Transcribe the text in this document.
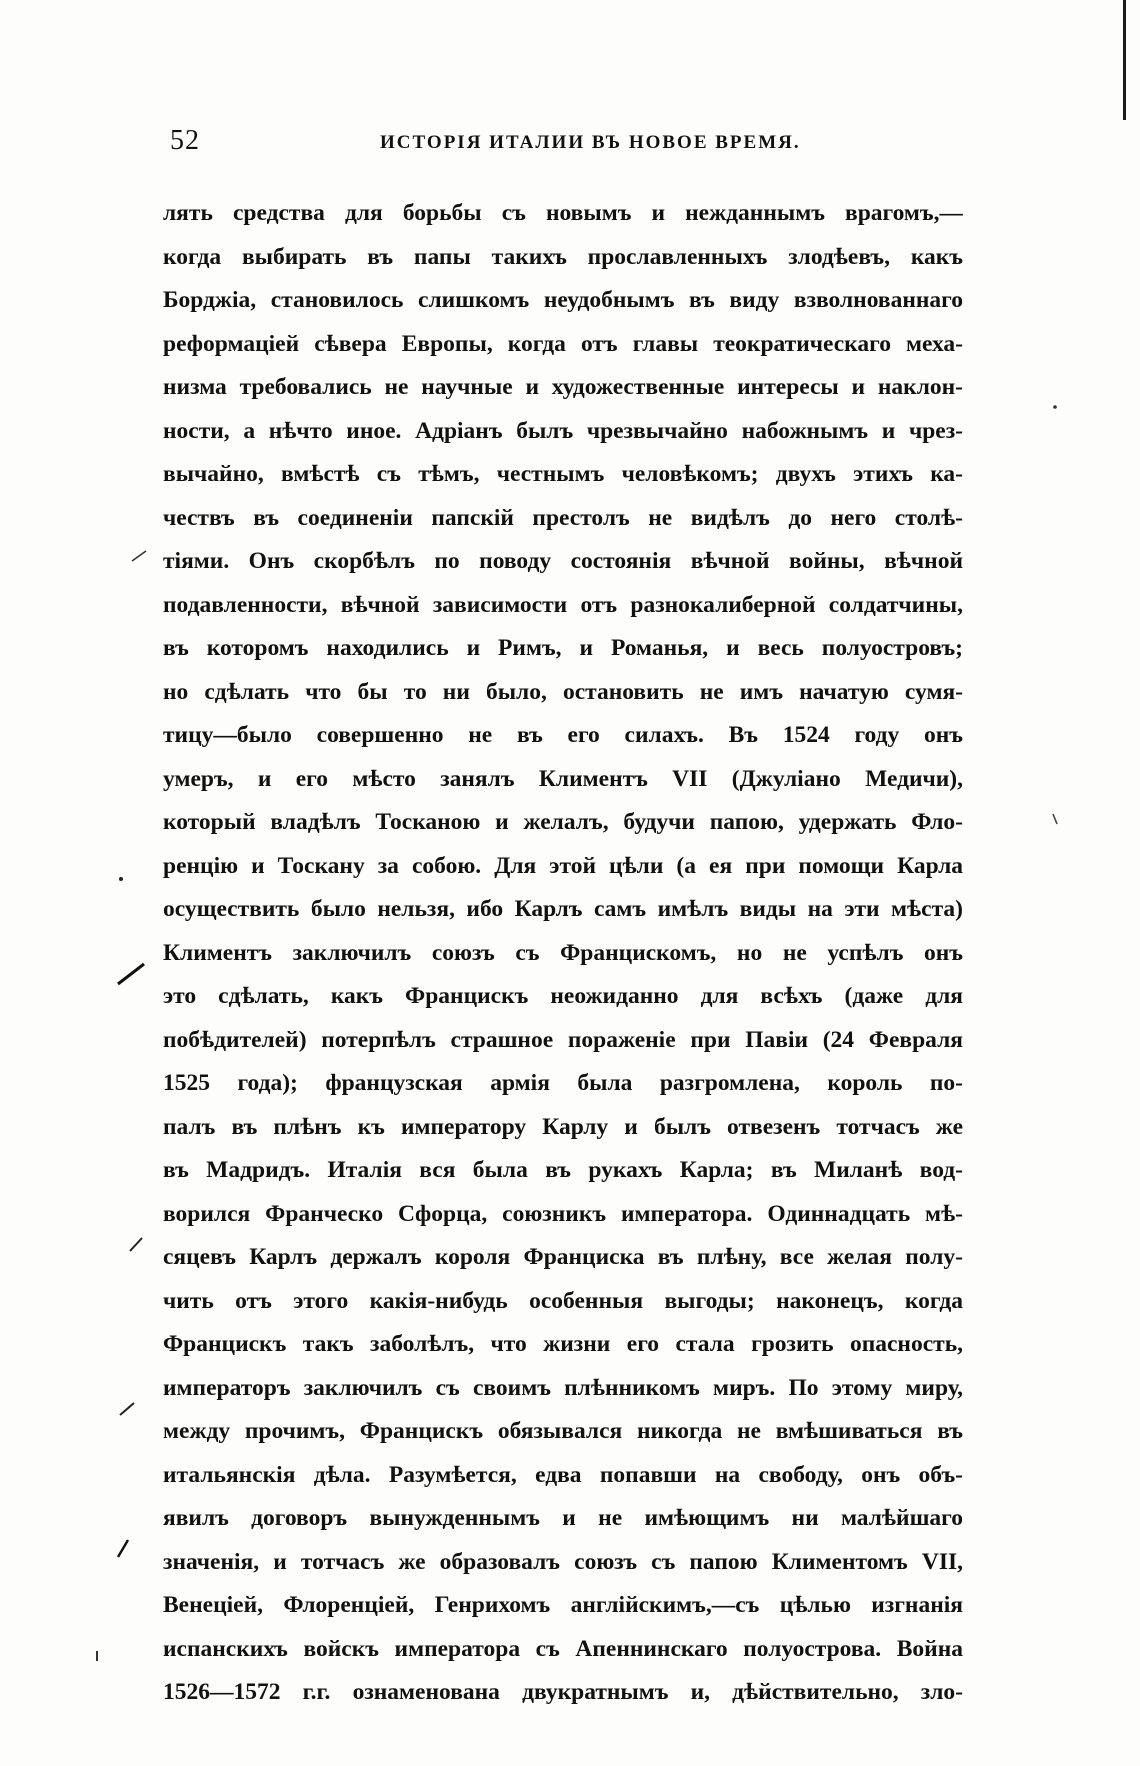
52	ИСТОРІЯ ИТАЛИИ ВЪ НОВОЕ ВРЕМЯ.
лять средства для борьбы съ новымъ и нежданнымъ врагомъ,—
когда выбирать въ папы такихъ прославленныхъ злодѣевъ, какъ
Борджіа, становилось слишкомъ неудобнымъ въ виду взволнованнаго
реформаціей сѣвера Европы, когда отъ главы теократическаго меха-
низма требовались не научные и художественные интересы и наклон-
ности, а нѣчто иное. Адріанъ былъ чрезвычайно набожнымъ и чрез-
вычайно, вмѣстѣ съ тѣмъ, честнымъ человѣкомъ; двухъ этихъ ка-
чествъ въ соединеніи папскій престолъ не видѣлъ до него столѣ-
тіями. Онъ скорбѣлъ по поводу состоянія вѣчной войны, вѣчной
подавленности, вѣчной зависимости отъ разнокалиберной солдатчины,
въ которомъ находились и Римъ, и Романья, и весь полуостровъ;
но сдѣлать что бы то ни было, остановить не имъ начатую сумя-
тицу—было совершенно не въ его силахъ. Въ 1524 году онъ
умеръ, и его мѣсто занялъ Климентъ VII (Джуліано Медичи),
который владѣлъ Тосканою и желалъ, будучи папою, удержать Фло-
ренцію и Тоскану за собою. Для этой цѣли (а ея при помощи Карла
осуществить было нельзя, ибо Карлъ самъ имѣлъ виды на эти мѣста)
Климентъ заключилъ союзъ съ Францискомъ, но не успѣлъ онъ
это сдѣлать, какъ Францискъ неожиданно для всѣхъ (даже для
побѣдителей) потерпѣлъ страшное пораженіе при Павіи (24 Февраля
1525 года); французская армія была разгромлена, король по-
палъ въ плѣнъ къ императору Карлу и былъ отвезенъ тотчасъ же
въ Мадридъ. Италія вся была въ рукахъ Карла; въ Миланѣ вод-
ворился Франческо Сфорца, союзникъ императора. Одиннадцать мѣ-
сяцевъ Карлъ держалъ короля Франциска въ плѣну, все желая полу-
чить отъ этого какія-нибудь особенныя выгоды; наконецъ, когда
Францискъ такъ заболѣлъ, что жизни его стала грозить опасность,
императоръ заключилъ съ своимъ плѣнникомъ миръ. По этому миру,
между прочимъ, Францискъ обязывался никогда не вмѣшиваться въ
итальянскія дѣла. Разумѣется, едва попавши на свободу, онъ объ-
явилъ договоръ вынужденнымъ и не имѣющимъ ни малѣйшаго
значенія, и тотчасъ же образовалъ союзъ съ папою Климентомъ VII,
Венеціей, Флоренціей, Генрихомъ англійскимъ,—съ цѣлью изгнанія
испанскихъ войскъ императора съ Апеннинскаго полуострова. Война
1526—1572 г.г. ознаменована двукратнымъ и, дѣйствительно, зло-
